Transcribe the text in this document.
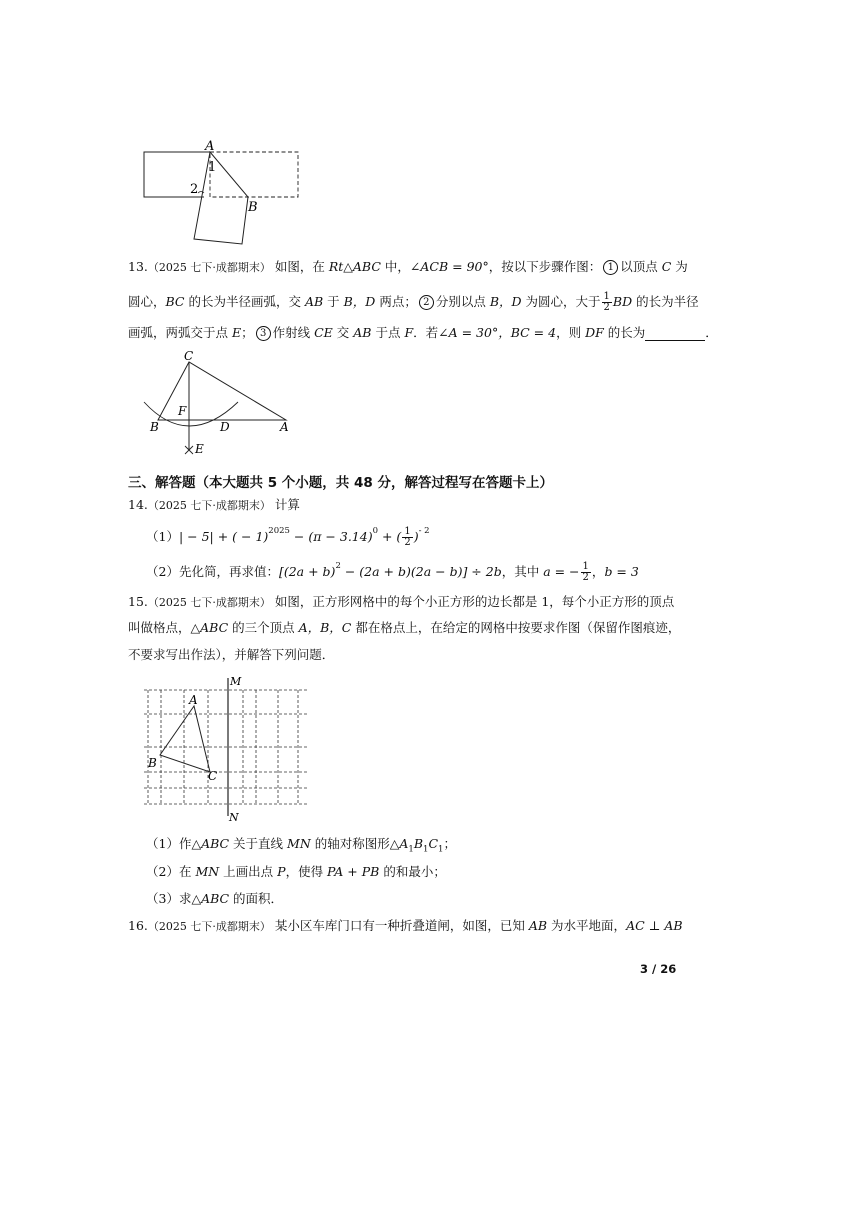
A
1
2
B
13.（2025 七下·成都期末） 如图，在 Rt△ABC 中，∠ACB = 90°，按以下步骤作图： 1 以顶点 C 为
圆心，BC 的长为半径画弧，交 AB 于 B，D 两点； 2 分别以点 B，D 为圆心，大于 $\frac{1}{2}$ BD 的长为半径
画弧，两弧交于点 E； 3 作射线 CE 交 AB 于点 F．若∠A = 30°，BC = 4，则 DF 的长为	．
C
F
B	D	A
E
三、解答题（本大题共 5 个小题，共 48 分，解答过程写在答题卡上）
14.（2025 七下·成都期末） 计算
（1）| − 5| + ( − $1)^{2025} - (\pi - 3.14)^0$ + ( $\frac{1}{2} )^{- 2}$
（2）先化简，再求值：$[(2a + b)^2 - (2a + b)(2a - b)] \div 2b$，其中 a = − $\frac{1}{2}$ ，b = 3
15.（2025 七下·成都期末） 如图，正方形网格中的每个小正方形的边长都是 1，每个小正方形的顶点
叫做格点，△ABC 的三个顶点 A，B，C 都在格点上，在给定的网格中按要求作图（保留作图痕迹，
不要求写出作法），并解答下列问题．
M
N
A
B
C
（1）作△ABC 关于直线 MN 的轴对称图形$\triangle A_1B_1C_1$；
（2）在 MN 上画出点 P，使得 PA + PB 的和最小；
（3）求△ABC 的面积．
16.（2025 七下·成都期末） 某小区车库门口有一种折叠道闸，如图，已知 AB 为水平地面，AC ⊥ AB
3 / 26
